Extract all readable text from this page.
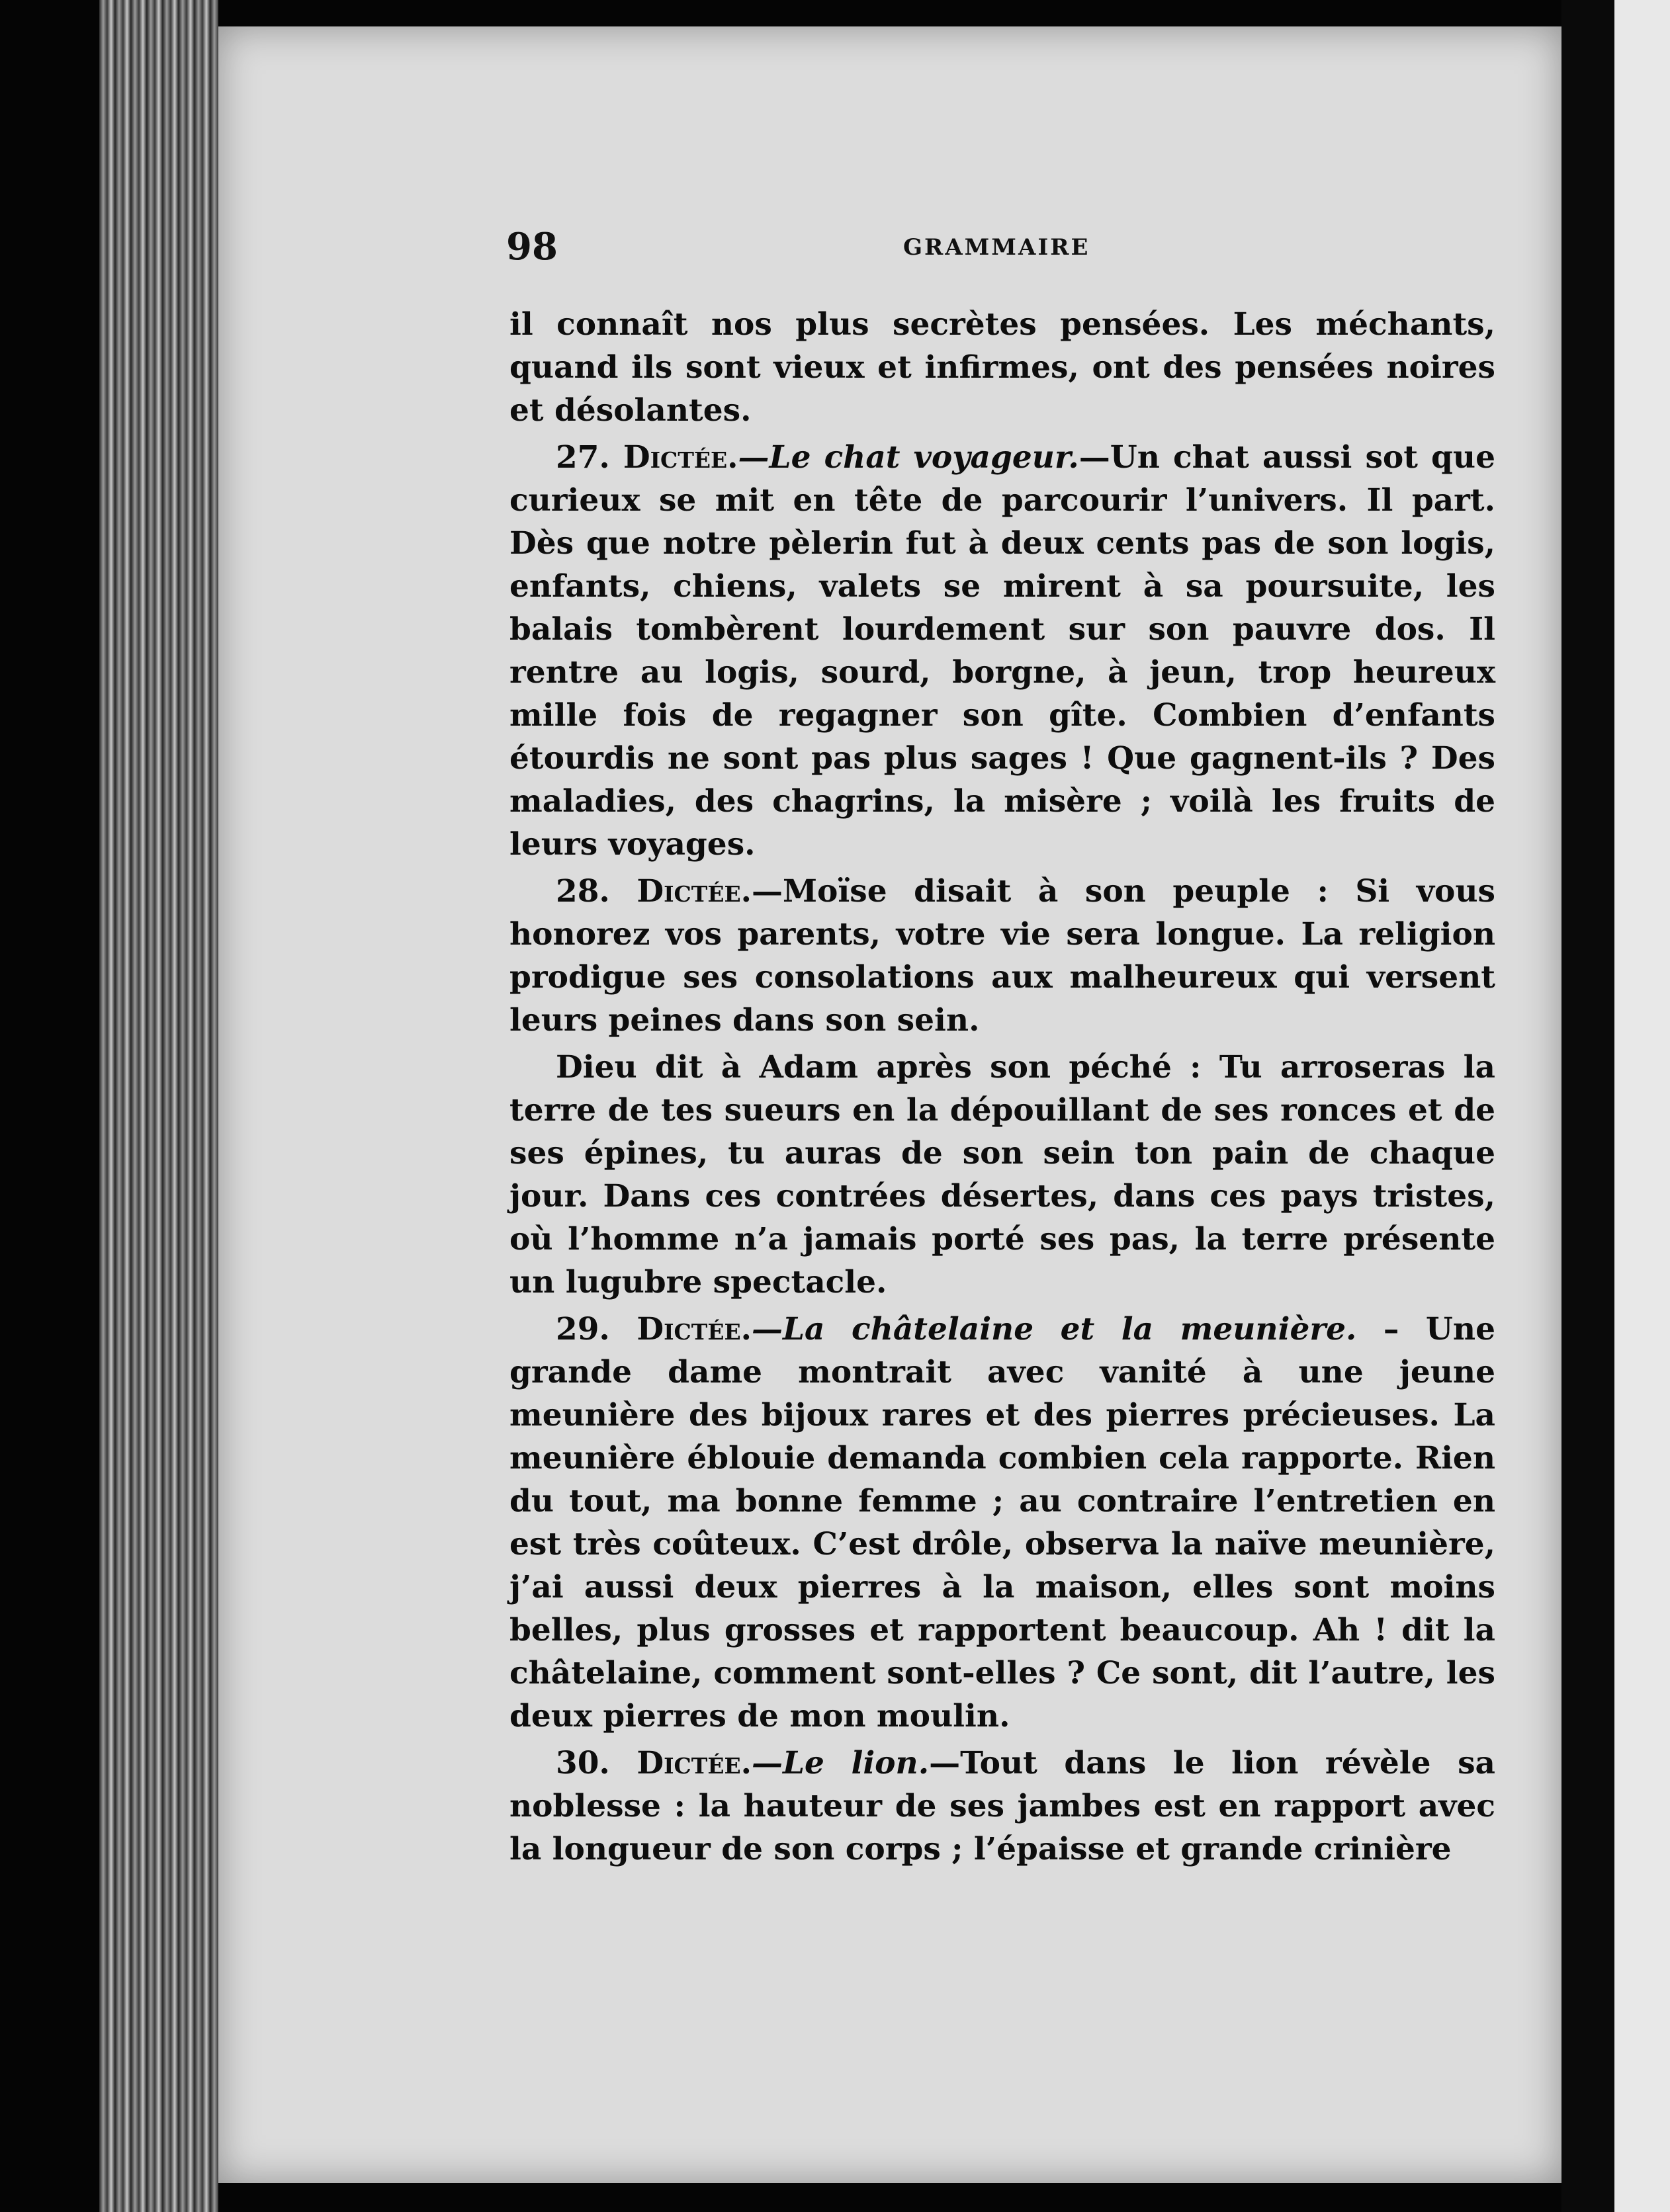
98	GRAMMAIRE

il connaît nos plus secrètes pensées. Les méchants, quand ils sont vieux et infirmes, ont des pensées noires et désolantes.

27. Dictée.—Le chat voyageur.—Un chat aussi sot que curieux se mit en tête de parcourir l’univers. Il part. Dès que notre pèlerin fut à deux cents pas de son logis, enfants, chiens, valets se mirent à sa poursuite, les balais tombèrent lourdement sur son pauvre dos. Il rentre au logis, sourd, borgne, à jeun, trop heureux mille fois de regagner son gîte. Combien d’enfants étourdis ne sont pas plus sages ! Que gagnent-ils ? Des maladies, des chagrins, la misère ; voilà les fruits de leurs voyages.

28. Dictée.—Moïse disait à son peuple : Si vous honorez vos parents, votre vie sera longue. La religion prodigue ses consolations aux malheureux qui versent leurs peines dans son sein.

Dieu dit à Adam après son péché : Tu arroseras la terre de tes sueurs en la dépouillant de ses ronces et de ses épines, tu auras de son sein ton pain de chaque jour. Dans ces contrées désertes, dans ces pays tristes, où l’homme n’a jamais porté ses pas, la terre présente un lugubre spectacle.

29. Dictée.—La châtelaine et la meunière. – Une grande dame montrait avec vanité à une jeune meunière des bijoux rares et des pierres précieuses. La meunière éblouie demanda combien cela rapporte. Rien du tout, ma bonne femme ; au contraire l’entretien en est très coûteux. C’est drôle, observa la naïve meunière, j’ai aussi deux pierres à la maison, elles sont moins belles, plus grosses et rapportent beaucoup. Ah ! dit la châtelaine, comment sont-elles ? Ce sont, dit l’autre, les deux pierres de mon moulin.

30. Dictée.—Le lion.—Tout dans le lion révèle sa noblesse : la hauteur de ses jambes est en rapport avec la longueur de son corps ; l’épaisse et grande crinière
